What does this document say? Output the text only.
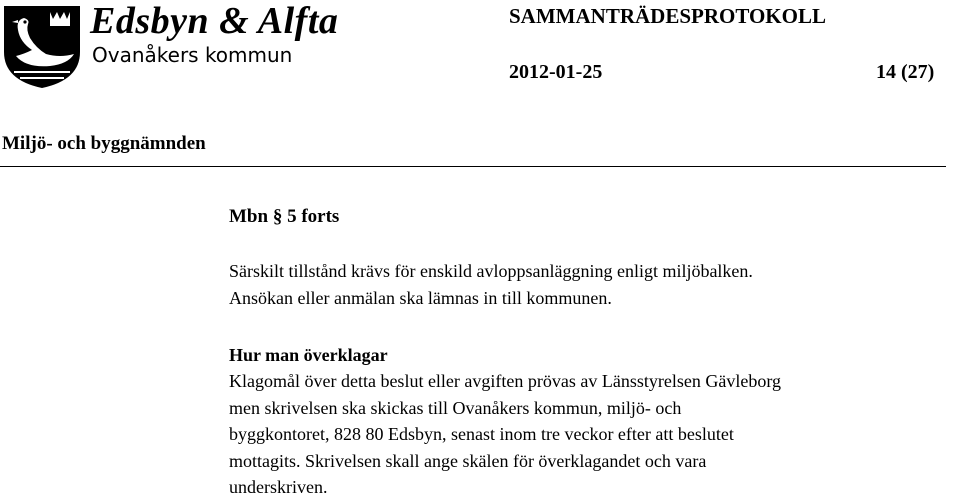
Edsbyn & Alfta
Ovanåkers kommun
SAMMANTRÄDESPROTOKOLL
2012-01-25	14 (27)
Miljö- och byggnämnden
Mbn § 5 forts
Särskilt tillstånd krävs för enskild avloppsanläggning enligt miljöbalken.
Ansökan eller anmälan ska lämnas in till kommunen.
Hur man överklagar
Klagomål över detta beslut eller avgiften prövas av Länsstyrelsen Gävleborg
men skrivelsen ska skickas till Ovanåkers kommun, miljö- och
byggkontoret, 828 80 Edsbyn, senast inom tre veckor efter att beslutet
mottagits. Skrivelsen skall ange skälen för överklagandet och vara
underskriven.
